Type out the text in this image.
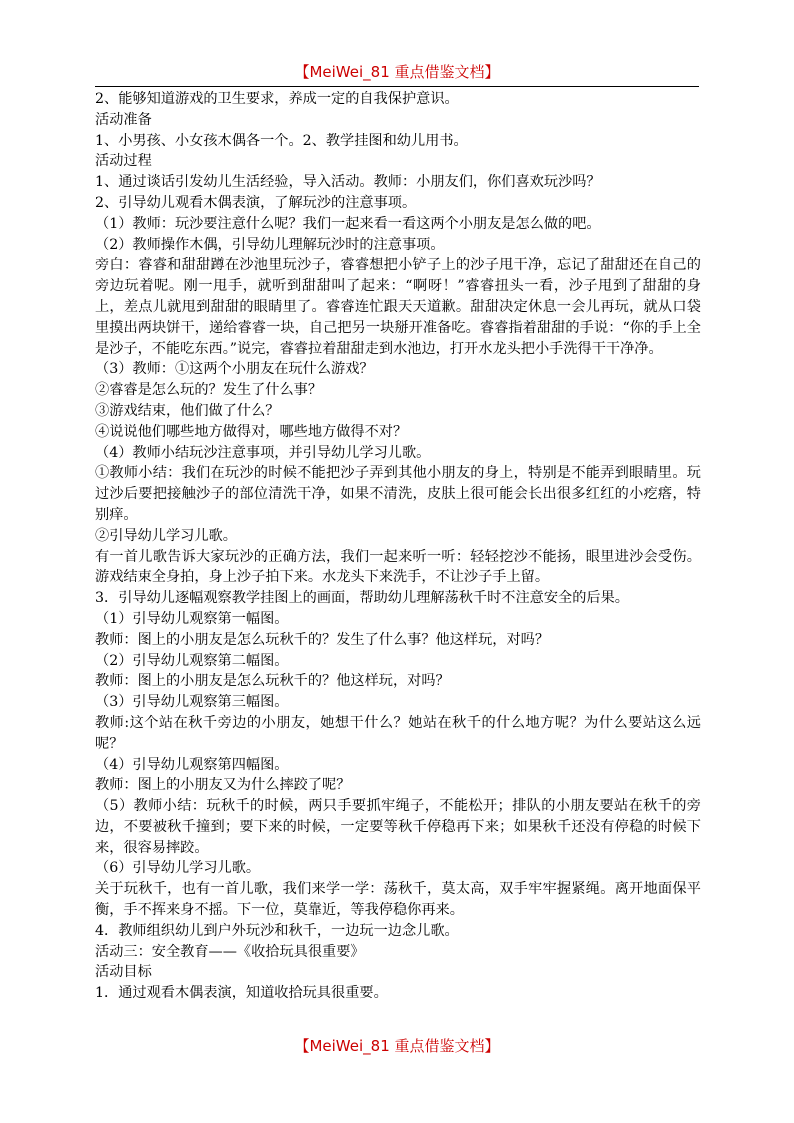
【MeiWei_81 重点借鉴文档】

2、能够知道游戏的卫生要求，养成一定的自我保护意识。

活动准备

1、小男孩、小女孩木偶各一个。2、教学挂图和幼儿用书。

活动过程

1、通过谈话引发幼儿生活经验，导入活动。教师：小朋友们，你们喜欢玩沙吗？

2、引导幼儿观看木偶表演，了解玩沙的注意事项。

（1）教师：玩沙要注意什么呢？我们一起来看一看这两个小朋友是怎么做的吧。

（2）教师操作木偶，引导幼儿理解玩沙时的注意事项。

旁白：睿睿和甜甜蹲在沙池里玩沙子，睿睿想把小铲子上的沙子甩干净，忘记了甜甜还在自己的旁边玩着呢。刚一甩手，就听到甜甜叫了起来：“啊呀！”睿睿扭头一看，沙子甩到了甜甜的身上，差点儿就甩到甜甜的眼睛里了。睿睿连忙跟天天道歉。甜甜决定休息一会儿再玩，就从口袋里摸出两块饼干，递给睿睿一块，自己把另一块掰开准备吃。睿睿指着甜甜的手说：“你的手上全是沙子，不能吃东西。”说完，睿睿拉着甜甜走到水池边，打开水龙头把小手洗得干干净净。

（3）教师：①这两个小朋友在玩什么游戏？

②睿睿是怎么玩的？发生了什么事？

③游戏结束，他们做了什么？

④说说他们哪些地方做得对，哪些地方做得不对？

（4）教师小结玩沙注意事项，并引导幼儿学习儿歌。

①教师小结：我们在玩沙的时候不能把沙子弄到其他小朋友的身上，特别是不能弄到眼睛里。玩过沙后要把接触沙子的部位清洗干净，如果不清洗，皮肤上很可能会长出很多红红的小疙瘩，特别痒。

②引导幼儿学习儿歌。

有一首儿歌告诉大家玩沙的正确方法，我们一起来听一听：轻轻挖沙不能扬，眼里进沙会受伤。游戏结束全身拍，身上沙子拍下来。水龙头下来洗手，不让沙子手上留。

3．引导幼儿逐幅观察教学挂图上的画面，帮助幼儿理解荡秋千时不注意安全的后果。

（1）引导幼儿观察第一幅图。

教师：图上的小朋友是怎么玩秋千的？发生了什么事？他这样玩，对吗？

（2）引导幼儿观察第二幅图。

教师：图上的小朋友是怎么玩秋千的？他这样玩，对吗？

（3）引导幼儿观察第三幅图。

教师:这个站在秋千旁边的小朋友，她想干什么？她站在秋千的什么地方呢？为什么要站这么远呢？

（4）引导幼儿观察第四幅图。

教师：图上的小朋友又为什么摔跤了呢？

（5）教师小结：玩秋千的时候，两只手要抓牢绳子，不能松开；排队的小朋友要站在秋千的旁边，不要被秋千撞到；要下来的时候，一定要等秋千停稳再下来；如果秋千还没有停稳的时候下来，很容易摔跤。

（6）引导幼儿学习儿歌。

关于玩秋千，也有一首儿歌，我们来学一学：荡秋千，莫太高，双手牢牢握紧绳。离开地面保平衡，手不挥来身不摇。下一位，莫靠近，等我停稳你再来。

4．教师组织幼儿到户外玩沙和秋千，一边玩一边念儿歌。

活动三：安全教育——《收拾玩具很重要》

活动目标

1．通过观看木偶表演，知道收拾玩具很重要。

【MeiWei_81 重点借鉴文档】
